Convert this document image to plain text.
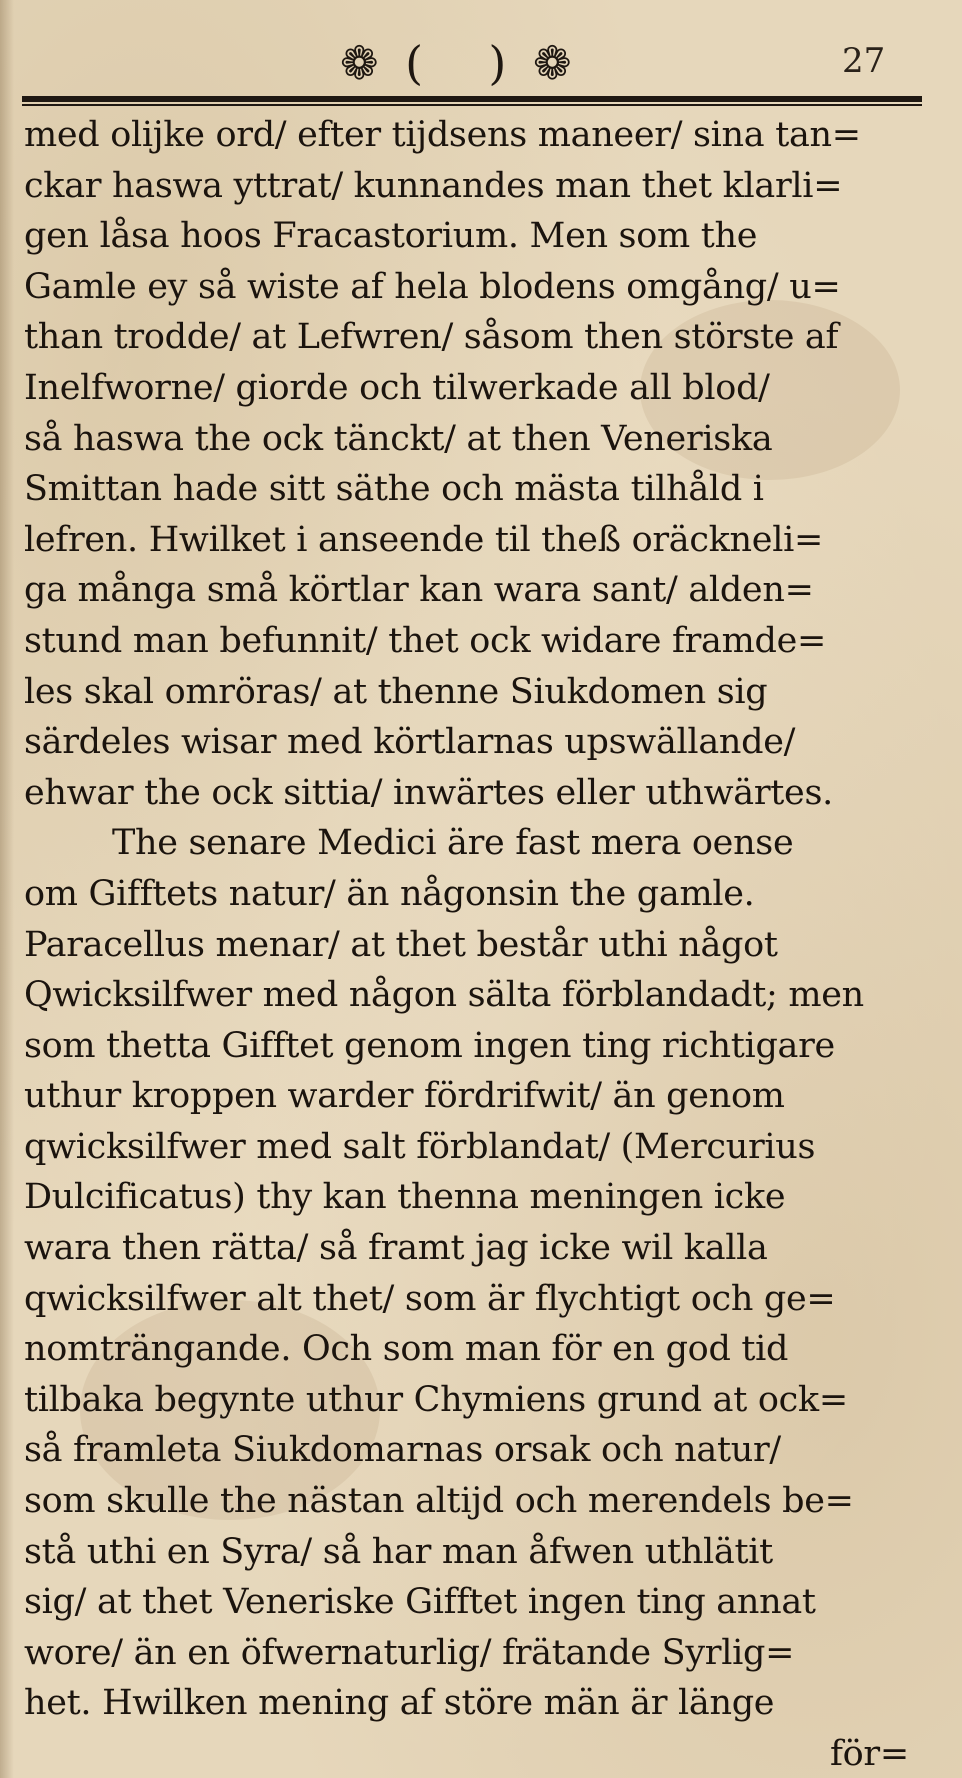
❁ ( ) ❁	27
med olijke ord/ efter tijdsens maneer/ sina tan=
ckar haswa yttrat/ kunnandes man thet klarli=
gen låsa hoos Fracastorium. Men som the
Gamle ey så wiste af hela blodens omgång/ u=
than trodde/ at Lefwren/ såsom then störste af
Inelfworne/ giorde och tilwerkade all blod/
så haswa the ock tänckt/ at then Veneriska
Smittan hade sitt säthe och mästa tilhåld i
lefren. Hwilket i anseende til theß oräckneli=
ga många små körtlar kan wara sant/ alden=
stund man befunnit/ thet ock widare framde=
les skal omröras/ at thenne Siukdomen sig
särdeles wisar med körtlarnas upswällande/
ehwar the ock sittia/ inwärtes eller uthwärtes.
The senare Medici äre fast mera oense
om Gifftets natur/ än någonsin the gamle.
Paracellus menar/ at thet består uthi något
Qwicksilfwer med någon sälta förblandadt; men
som thetta Gifftet genom ingen ting richtigare
uthur kroppen warder fördrifwit/ än genom
qwicksilfwer med salt förblandat/ (Mercurius
Dulcificatus) thy kan thenna meningen icke
wara then rätta/ så framt jag icke wil kalla
qwicksilfwer alt thet/ som är flychtigt och ge=
nomträngande. Och som man för en god tid
tilbaka begynte uthur Chymiens grund at ock=
så framleta Siukdomarnas orsak och natur/
som skulle the nästan altijd och merendels be=
stå uthi en Syra/ så har man åfwen uthlätit
sig/ at thet Veneriske Gifftet ingen ting annat
wore/ än en öfwernaturlig/ frätande Syrlig=
het. Hwilken mening af störe män är länge
för=
